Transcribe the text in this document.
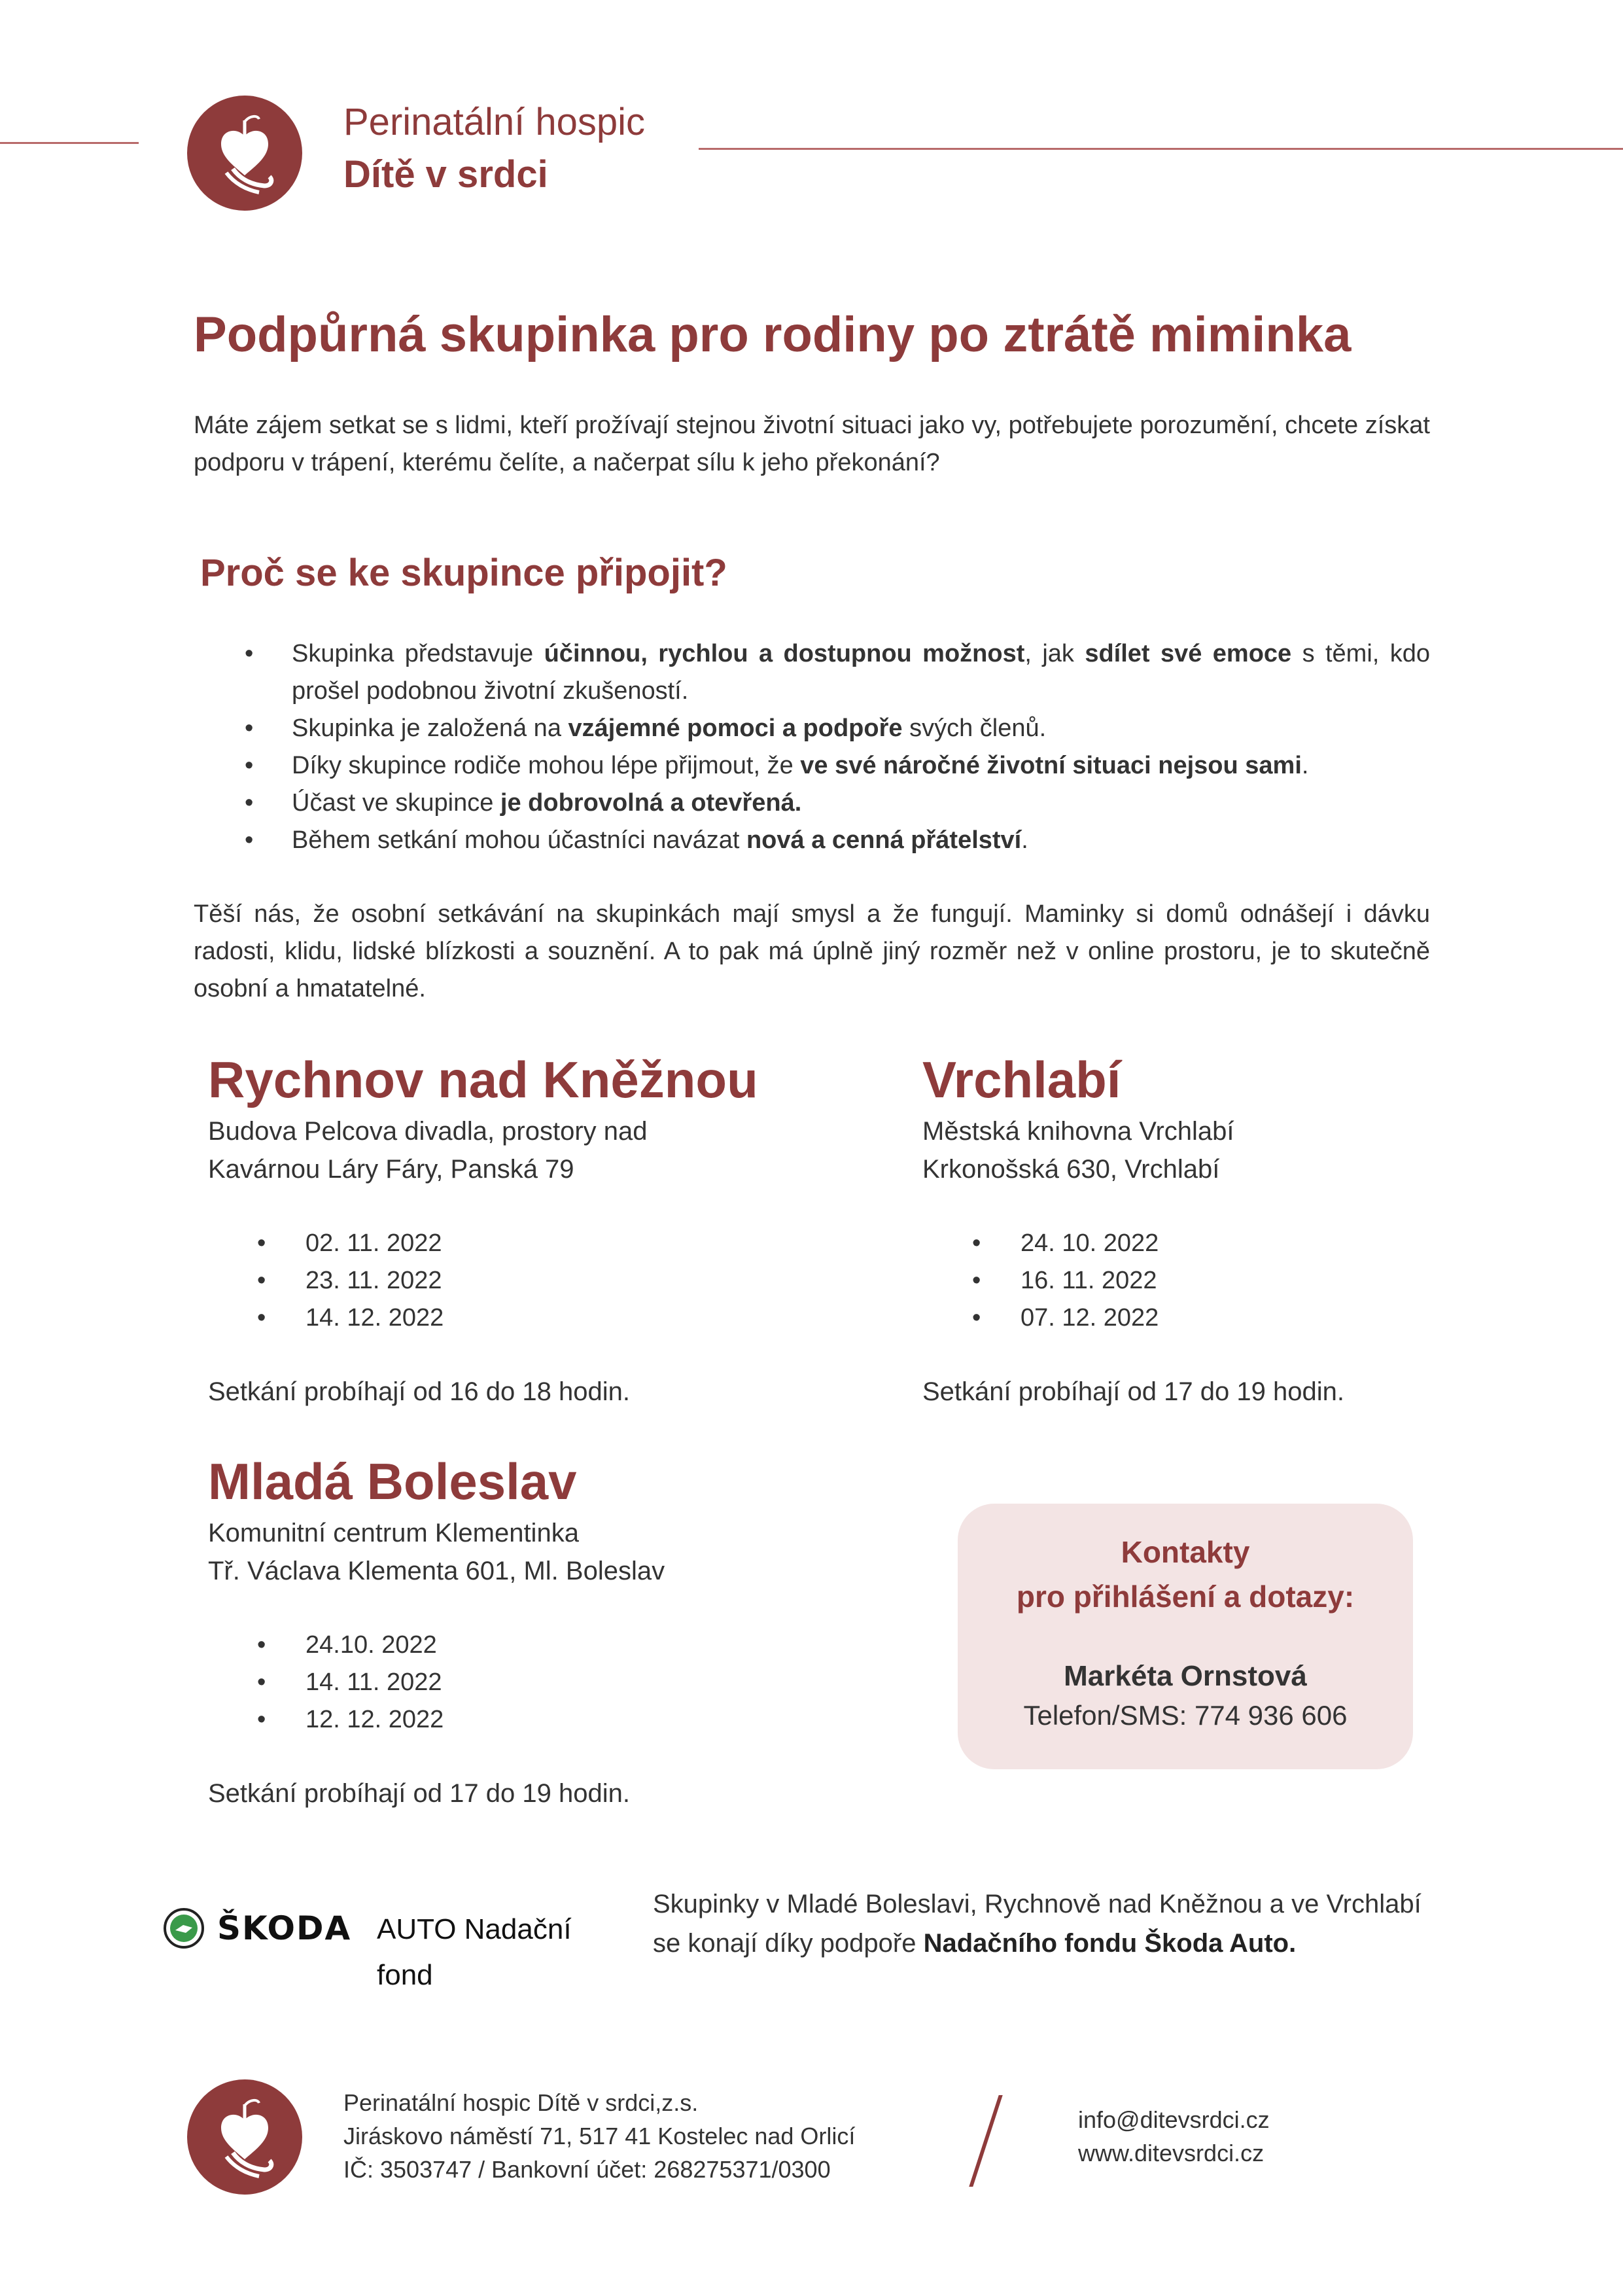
Perinatální hospic
Dítě v srdci
Podpůrná skupinka pro rodiny po ztrátě miminka
Máte zájem setkat se s lidmi, kteří prožívají stejnou životní situaci jako vy, potřebujete porozumění, chcete získat podporu v trápení, kterému čelíte, a načerpat sílu k jeho překonání?
Proč se ke skupince připojit?
• Skupinka představuje účinnou, rychlou a dostupnou možnost, jak sdílet své emoce s těmi, kdo prošel podobnou životní zkušeností.
• Skupinka je založená na vzájemné pomoci a podpoře svých členů.
• Díky skupince rodiče mohou lépe přijmout, že ve své náročné životní situaci nejsou sami.
• Účast ve skupince je dobrovolná a otevřená.
• Během setkání mohou účastníci navázat nová a cenná přátelství.
Těší nás, že osobní setkávání na skupinkách mají smysl a že fungují. Maminky si domů odnášejí i dávku radosti, klidu, lidské blízkosti a souznění. A to pak má úplně jiný rozměr než v online prostoru, je to skutečně osobní a hmatatelné.
Rychnov nad Kněžnou
Budova Pelcova divadla, prostory nad
Kavárnou Láry Fáry, Panská 79
• 02. 11. 2022
• 23. 11. 2022
• 14. 12. 2022
Setkání probíhají od 16 do 18 hodin.
Vrchlabí
Městská knihovna Vrchlabí
Krkonošská 630, Vrchlabí
• 24. 10. 2022
• 16. 11. 2022
• 07. 12. 2022
Setkání probíhají od 17 do 19 hodin.
Mladá Boleslav
Komunitní centrum Klementinka
Tř. Václava Klementa 601, Ml. Boleslav
• 24.10. 2022
• 14. 11. 2022
• 12. 12. 2022
Setkání probíhají od 17 do 19 hodin.
Kontakty
pro přihlášení a dotazy:
Markéta Ornstová
Telefon/SMS: 774 936 606
ŠKODA AUTO Nadační fond
Skupinky v Mladé Boleslavi, Rychnově nad Kněžnou a ve Vrchlabí se konají díky podpoře Nadačního fondu Škoda Auto.
Perinatální hospic Dítě v srdci,z.s.
Jiráskovo náměstí 71, 517 41 Kostelec nad Orlicí
IČ: 3503747 / Bankovní účet: 268275371/0300
info@ditevsrdci.cz
www.ditevsrdci.cz
